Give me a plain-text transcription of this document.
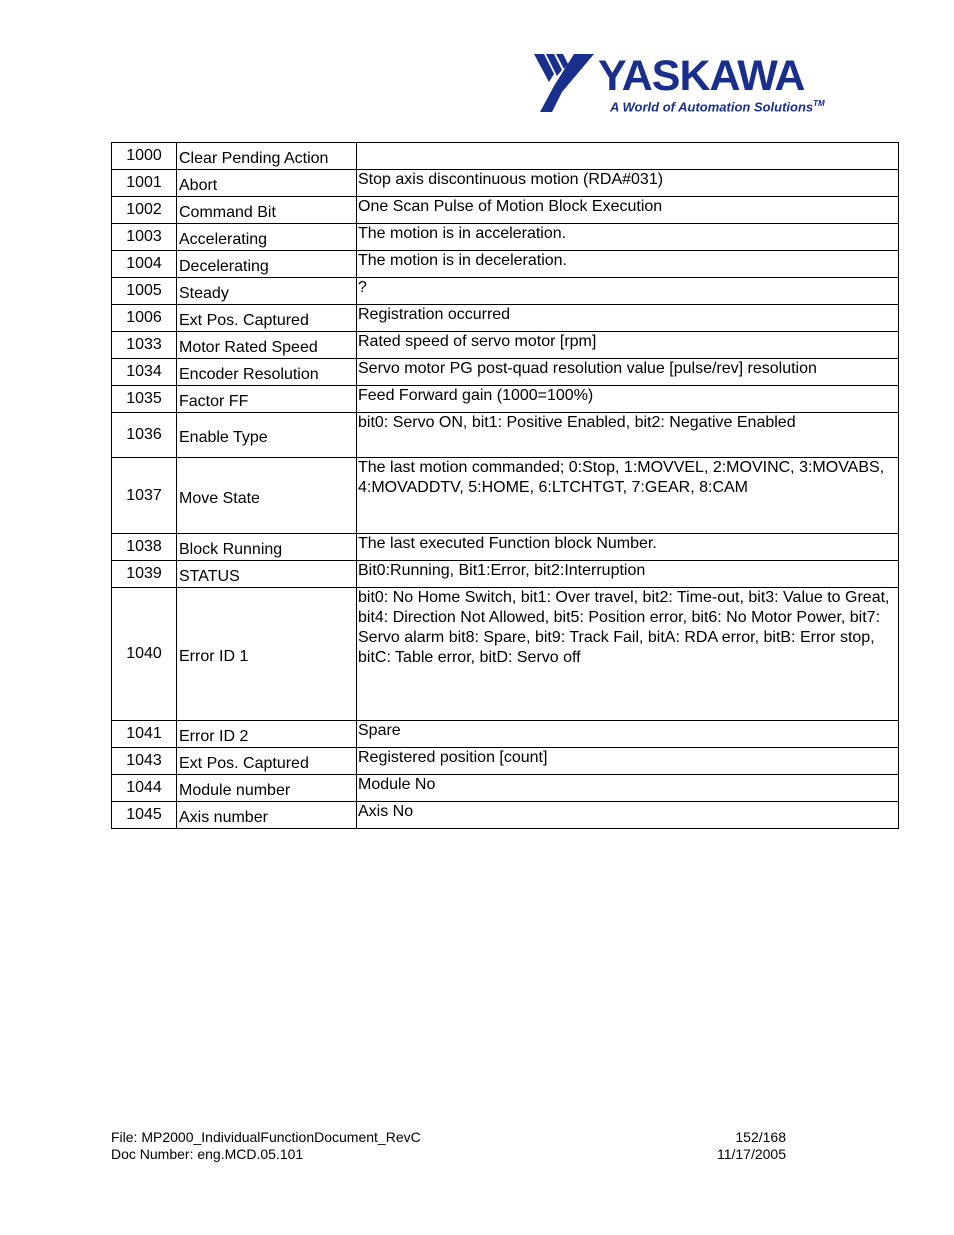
YASKAWA
A World of Automation Solutions™
1000	Clear Pending Action	
1001	Abort	Stop axis discontinuous motion (RDA#031)
1002	Command Bit	One Scan Pulse of Motion Block Execution
1003	Accelerating	The motion is in acceleration.
1004	Decelerating	The motion is in deceleration.
1005	Steady	?
1006	Ext Pos. Captured	Registration occurred
1033	Motor Rated Speed	Rated speed of servo motor [rpm]
1034	Encoder Resolution	Servo motor PG post-quad resolution value [pulse/rev] resolution
1035	Factor FF	Feed Forward gain (1000=100%)
1036	Enable Type	bit0: Servo ON, bit1: Positive Enabled, bit2: Negative Enabled
1037	Move State	The last motion commanded; 0:Stop, 1:MOVVEL, 2:MOVINC, 3:MOVABS, 4:MOVADDTV, 5:HOME, 6:LTCHTGT, 7:GEAR, 8:CAM
1038	Block Running	The last executed Function block Number.
1039	STATUS	Bit0:Running, Bit1:Error, bit2:Interruption
1040	Error ID 1	bit0: No Home Switch, bit1: Over travel, bit2: Time-out, bit3: Value to Great, bit4: Direction Not Allowed, bit5: Position error, bit6: No Motor Power, bit7: Servo alarm bit8: Spare, bit9: Track Fail, bitA: RDA error, bitB: Error stop, bitC: Table error, bitD: Servo off
1041	Error ID 2	Spare
1043	Ext Pos. Captured	Registered position [count]
1044	Module number	Module No
1045	Axis number	Axis No
File: MP2000_IndividualFunctionDocument_RevC	152/168
Doc Number: eng.MCD.05.101	11/17/2005
